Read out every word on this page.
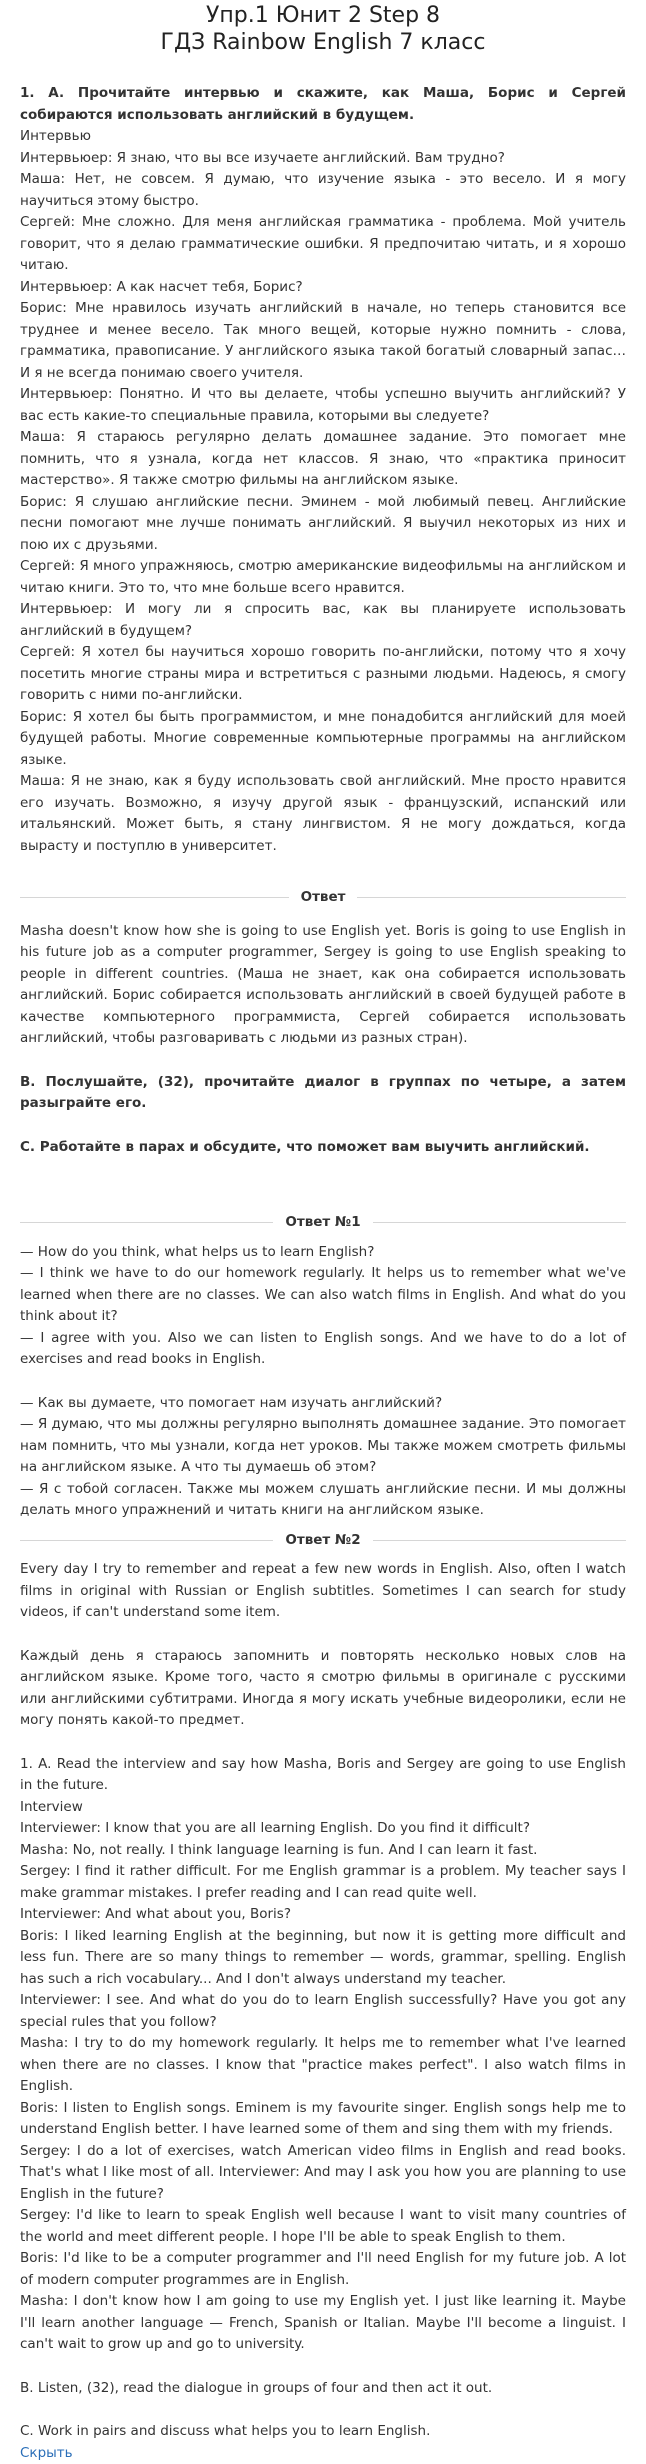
Упр.1 Юнит 2 Step 8
ГДЗ Rainbow English 7 класс

1. A. Прочитайте интервью и скажите, как Маша, Борис и Сергей собираются использовать английский в будущем.

Интервью

Интервьюер: Я знаю, что вы все изучаете английский. Вам трудно?

Маша: Нет, не совсем. Я думаю, что изучение языка - это весело. И я могу научиться этому быстро.

Сергей: Мне сложно. Для меня английская грамматика - проблема. Мой учитель говорит, что я делаю грамматические ошибки. Я предпочитаю читать, и я хорошо читаю.

Интервьюер: А как насчет тебя, Борис?

Борис: Мне нравилось изучать английский в начале, но теперь становится все труднее и менее весело. Так много вещей, которые нужно помнить - слова, грамматика, правописание. У английского языка такой богатый словарный запас… И я не всегда понимаю своего учителя.

Интервьюер: Понятно. И что вы делаете, чтобы успешно выучить английский? У вас есть какие-то специальные правила, которыми вы следуете?

Маша: Я стараюсь регулярно делать домашнее задание. Это помогает мне помнить, что я узнала, когда нет классов. Я знаю, что «практика приносит мастерство». Я также смотрю фильмы на английском языке.

Борис: Я слушаю английские песни. Эминем - мой любимый певец. Английские песни помогают мне лучше понимать английский. Я выучил некоторых из них и пою их с друзьями.

Сергей: Я много упражняюсь, смотрю американские видеофильмы на английском и читаю книги. Это то, что мне больше всего нравится.

Интервьюер: И могу ли я спросить вас, как вы планируете использовать английский в будущем?

Сергей: Я хотел бы научиться хорошо говорить по-английски, потому что я хочу посетить многие страны мира и встретиться с разными людьми. Надеюсь, я смогу говорить с ними по-английски.

Борис: Я хотел бы быть программистом, и мне понадобится английский для моей будущей работы. Многие современные компьютерные программы на английском языке.

Маша: Я не знаю, как я буду использовать свой английский. Мне просто нравится его изучать. Возможно, я изучу другой язык - французский, испанский или итальянский. Может быть, я стану лингвистом. Я не могу дождаться, когда вырасту и поступлю в университет.

Ответ

Masha doesn't know how she is going to use English yet. Boris is going to use English in his future job as a computer programmer, Sergey is going to use English speaking to people in different countries. (Маша не знает, как она собирается использовать английский. Борис собирается использовать английский в своей будущей работе в качестве компьютерного программиста, Сергей собирается использовать английский, чтобы разговаривать с людьми из разных стран).

B. Послушайте, (32), прочитайте диалог в группах по четыре, а затем разыграйте его.

C. Работайте в парах и обсудите, что поможет вам выучить английский.

Ответ №1

— How do you think, what helps us to learn English?

— I think we have to do our homework regularly. It helps us to remember what we've learned when there are no classes. We can also watch films in English. And what do you think about it?

— I agree with you. Also we can listen to English songs. And we have to do a lot of exercises and read books in English.

— Как вы думаете, что помогает нам изучать английский?

— Я думаю, что мы должны регулярно выполнять домашнее задание. Это помогает нам помнить, что мы узнали, когда нет уроков. Мы также можем смотреть фильмы на английском языке. А что ты думаешь об этом?

— Я с тобой согласен. Также мы можем слушать английские песни. И мы должны делать много упражнений и читать книги на английском языке.

Ответ №2

Every day I try to remember and repeat a few new words in English. Also, often I watch films in original with Russian or English subtitles. Sometimes I can search for study videos, if can't understand some item.

Каждый день я стараюсь запомнить и повторять несколько новых слов на английском языке. Кроме того, часто я смотрю фильмы в оригинале с русскими или английскими субтитрами. Иногда я могу искать учебные видеоролики, если не могу понять какой-то предмет.

1. A. Read the interview and say how Masha, Boris and Sergey are going to use English in the future.

Interview

Interviewer: I know that you are all learning English. Do you find it difficult?

Masha: No, not really. I think language learning is fun. And I can learn it fast.

Sergey: I find it rather difficult. For me English grammar is a problem. My teacher says I make grammar mistakes. I prefer reading and I can read quite well.

Interviewer: And what about you, Boris?

Boris: I liked learning English at the beginning, but now it is getting more difficult and less fun. There are so many things to remember — words, grammar, spelling. English has such a rich vocabulary... And I don't always understand my teacher.

Interviewer: I see. And what do you do to learn English successfully? Have you got any special rules that you follow?

Masha: I try to do my homework regularly. It helps me to remember what I've learned when there are no classes. I know that "practice makes perfect". I also watch films in English.

Boris: I listen to English songs. Eminem is my favourite singer. English songs help me to understand English better. I have learned some of them and sing them with my friends.

Sergey: I do a lot of exercises, watch American video films in English and read books. That's what I like most of all. Interviewer: And may I ask you how you are planning to use English in the future?

Sergey: I'd like to learn to speak English well because I want to visit many countries of the world and meet different people. I hope I'll be able to speak English to them.

Boris: I'd like to be a computer programmer and I'll need English for my future job. A lot of modern computer programmes are in English.

Masha: I don't know how I am going to use my English yet. I just like learning it. Maybe I'll learn another language — French, Spanish or Italian. Maybe I'll become a linguist. I can't wait to grow up and go to university.

B. Listen, (32), read the dialogue in groups of four and then act it out.

C. Work in pairs and discuss what helps you to learn English.

Скрыть
